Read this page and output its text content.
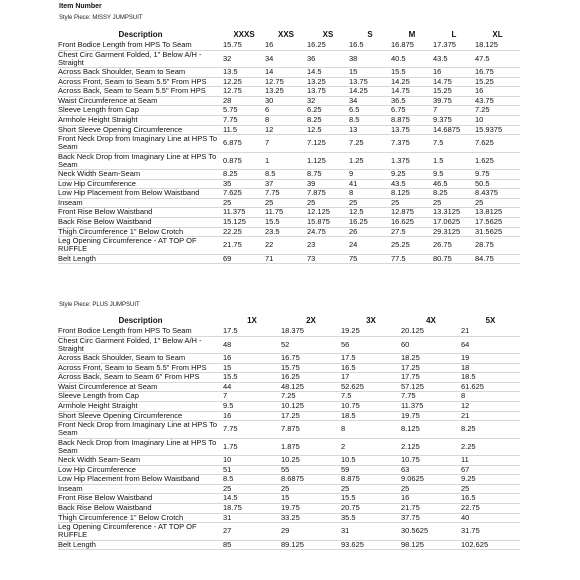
Item Number
Style Piece: MISSY JUMPSUIT
Description	XXXS	XXS	XS	S	M	L	XL
Front Bodice Length from HPS To Seam	15.75	16	16.25	16.5	16.875	17.375	18.125
Chest Circ Garment Folded, 1" Below A/H - Straight	32	34	36	38	40.5	43.5	47.5
Across Back Shoulder, Seam to Seam	13.5	14	14.5	15	15.5	16	16.75
Across Front, Seam to Seam 5.5" From HPS	12.25	12.75	13.25	13.75	14.25	14.75	15.25
Across Back, Seam to Seam 5.5" From HPS	12.75	13.25	13.75	14.25	14.75	15.25	16
Waist Circumference at Seam	28	30	32	34	36.5	39.75	43.75
Sleeve Length from Cap	5.75	6	6.25	6.5	6.75	7	7.25
Armhole Height Straight	7.75	8	8.25	8.5	8.875	9.375	10
Short Sleeve Opening Circumference	11.5	12	12.5	13	13.75	14.6875	15.9375
Front Neck Drop from Imaginary Line at HPS To Seam	6.875	7	7.125	7.25	7.375	7.5	7.625
Back Neck Drop from Imaginary Line at HPS To Seam	0.875	1	1.125	1.25	1.375	1.5	1.625
Neck Width Seam-Seam	8.25	8.5	8.75	9	9.25	9.5	9.75
Low Hip Circumference	35	37	39	41	43.5	46.5	50.5
Low Hip Placement from Below Waistband	7.625	7.75	7.875	8	8.125	8.25	8.4375
Inseam	25	25	25	25	25	25	25
Front Rise Below Waistband	11.375	11.75	12.125	12.5	12.875	13.3125	13.8125
Back Rise Below Waistband	15.125	15.5	15.875	16.25	16.625	17.0625	17.5625
Thigh Circumference 1" Below Crotch	22.25	23.5	24.75	26	27.5	29.3125	31.5625
Leg Opening Circumference - AT TOP OF RUFFLE	21.75	22	23	24	25.25	26.75	28.75
Belt Length	69	71	73	75	77.5	80.75	84.75
Style Piece: PLUS JUMPSUIT
Description	1X	2X	3X	4X	5X
Front Bodice Length from HPS To Seam	17.5	18.375	19.25	20.125	21
Chest Circ Garment Folded, 1" Below A/H - Straight	48	52	56	60	64
Across Back Shoulder, Seam to Seam	16	16.75	17.5	18.25	19
Across Front, Seam to Seam 5.5" From HPS	15	15.75	16.5	17.25	18
Across Back, Seam to Seam 6" From HPS	15.5	16.25	17	17.75	18.5
Waist Circumference at Seam	44	48.125	52.625	57.125	61.625
Sleeve Length from Cap	7	7.25	7.5	7.75	8
Armhole Height Straight	9.5	10.125	10.75	11.375	12
Short Sleeve Opening Circumference	16	17.25	18.5	19.75	21
Front Neck Drop from Imaginary Line at HPS To Seam	7.75	7.875	8	8.125	8.25
Back Neck Drop from Imaginary Line at HPS To Seam	1.75	1.875	2	2.125	2.25
Neck Width Seam-Seam	10	10.25	10.5	10.75	11
Low Hip Circumference	51	55	59	63	67
Low Hip Placement from Below Waistband	8.5	8.6875	8.875	9.0625	9.25
Inseam	25	25	25	25	25
Front Rise Below Waistband	14.5	15	15.5	16	16.5
Back Rise Below Waistband	18.75	19.75	20.75	21.75	22.75
Thigh Circumference 1" Below Crotch	31	33.25	35.5	37.75	40
Leg Opening Circumference - AT TOP OF RUFFLE	27	29	31	30.5625	31.75
Belt Length	85	89.125	93.625	98.125	102.625
